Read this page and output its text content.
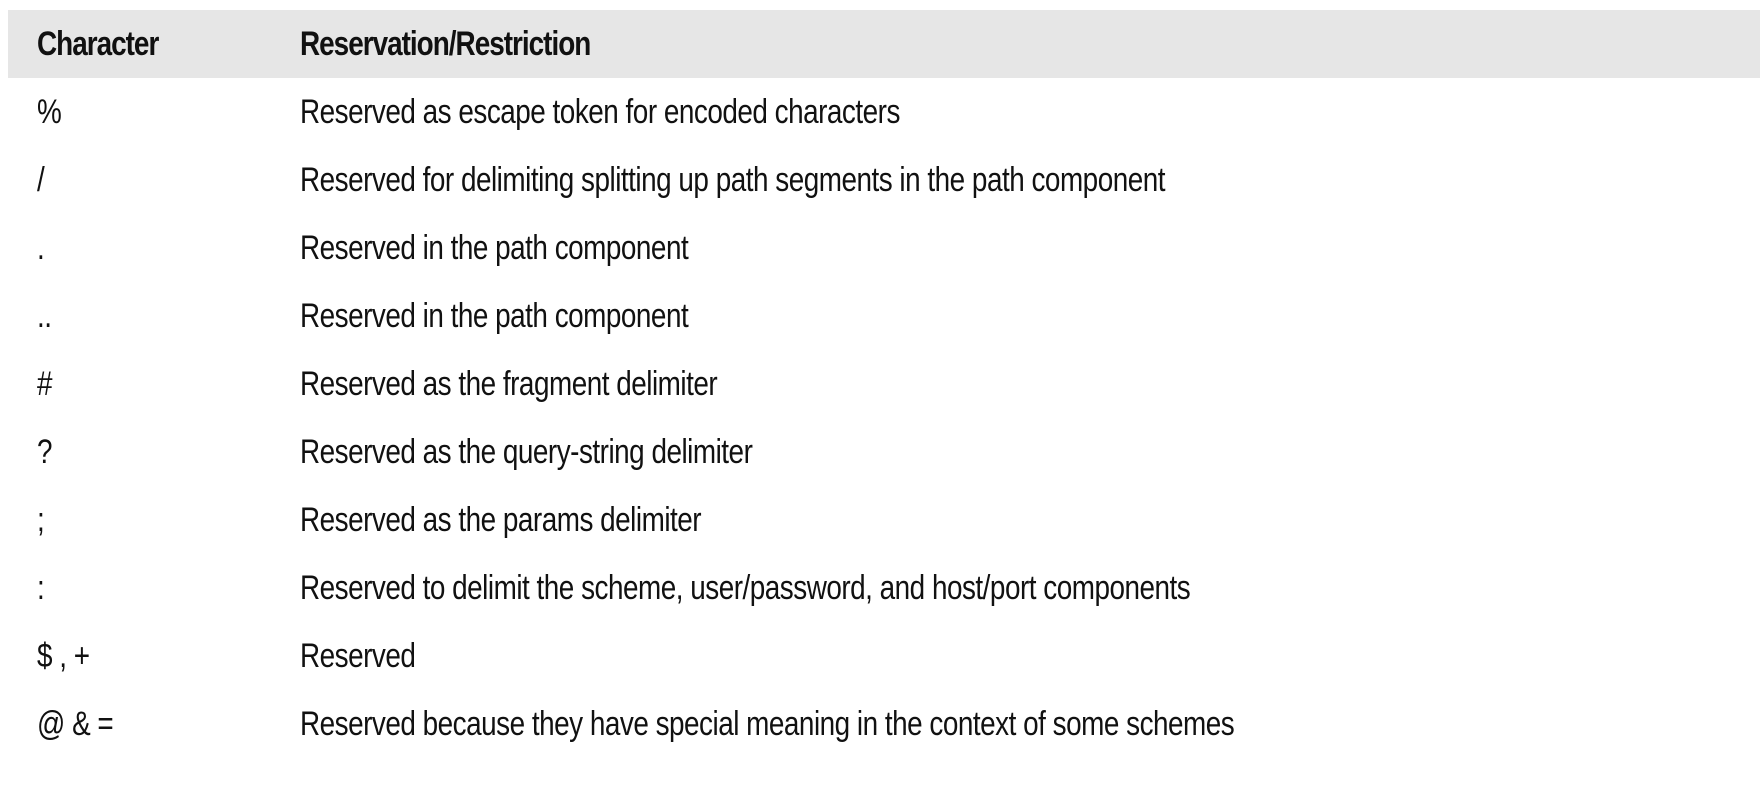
Character	Reservation/Restriction
%	Reserved as escape token for encoded characters
/	Reserved for delimiting splitting up path segments in the path component
.	Reserved in the path component
..	Reserved in the path component
#	Reserved as the fragment delimiter
?	Reserved as the query-string delimiter
;	Reserved as the params delimiter
:	Reserved to delimit the scheme, user/password, and host/port components
$ , +	Reserved
@ & =	Reserved because they have special meaning in the context of some schemes
